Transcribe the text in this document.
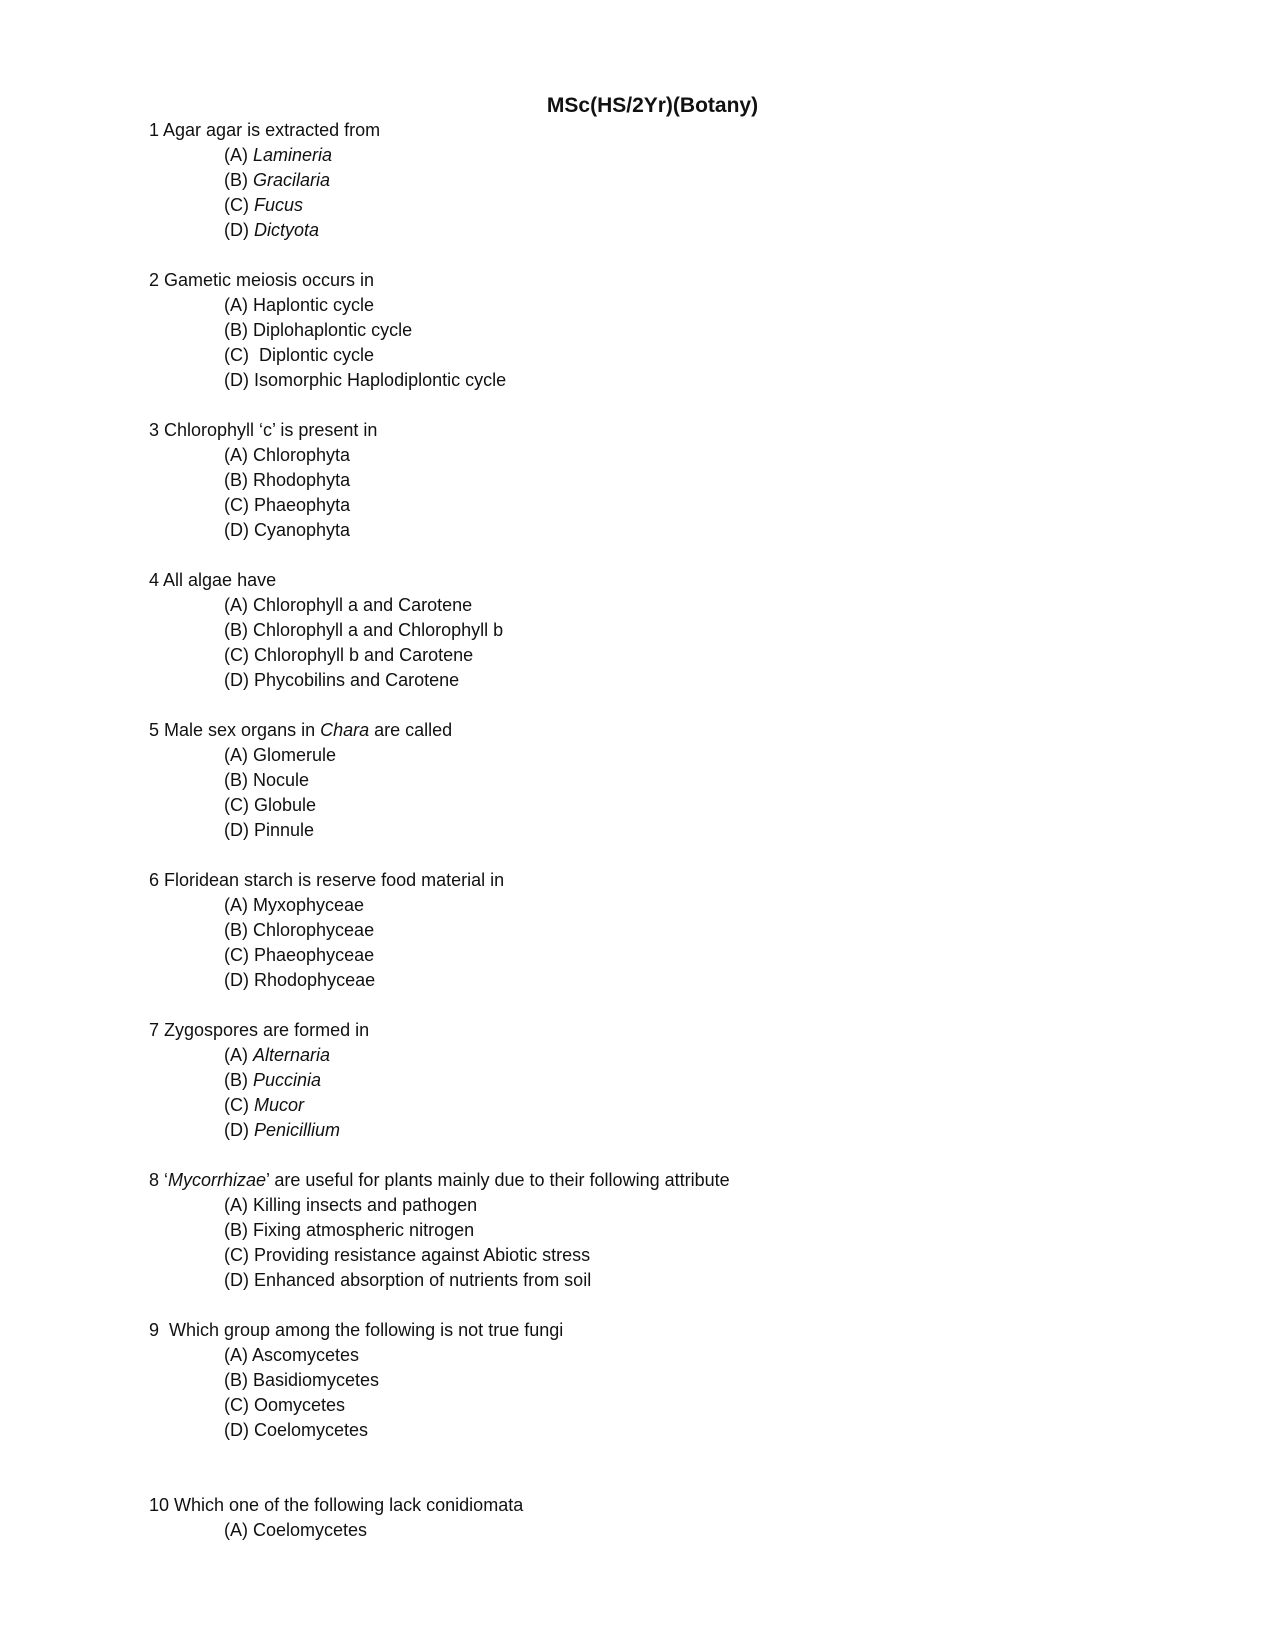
MSc(HS/2Yr)(Botany)
1 Agar agar is extracted from
(A) Lamineria
(B) Gracilaria
(C) Fucus
(D) Dictyota
2 Gametic meiosis occurs in
(A) Haplontic cycle
(B) Diplohaplontic cycle
(C)  Diplontic cycle
(D) Isomorphic Haplodiplontic cycle
3 Chlorophyll ‘c’ is present in
(A) Chlorophyta
(B) Rhodophyta
(C) Phaeophyta
(D) Cyanophyta
4 All algae have
(A) Chlorophyll a and Carotene
(B) Chlorophyll a and Chlorophyll b
(C) Chlorophyll b and Carotene
(D) Phycobilins and Carotene
5 Male sex organs in Chara are called
(A) Glomerule
(B) Nocule
(C) Globule
(D) Pinnule
6 Floridean starch is reserve food material in
(A) Myxophyceae
(B) Chlorophyceae
(C) Phaeophyceae
(D) Rhodophyceae
7 Zygospores are formed in
(A) Alternaria
(B) Puccinia
(C) Mucor
(D) Penicillium
8 ‘Mycorrhizae’ are useful for plants mainly due to their following attribute
(A) Killing insects and pathogen
(B) Fixing atmospheric nitrogen
(C) Providing resistance against Abiotic stress
(D) Enhanced absorption of nutrients from soil
9  Which group among the following is not true fungi
(A) Ascomycetes
(B) Basidiomycetes
(C) Oomycetes
(D) Coelomycetes
10 Which one of the following lack conidiomata
(A) Coelomycetes
